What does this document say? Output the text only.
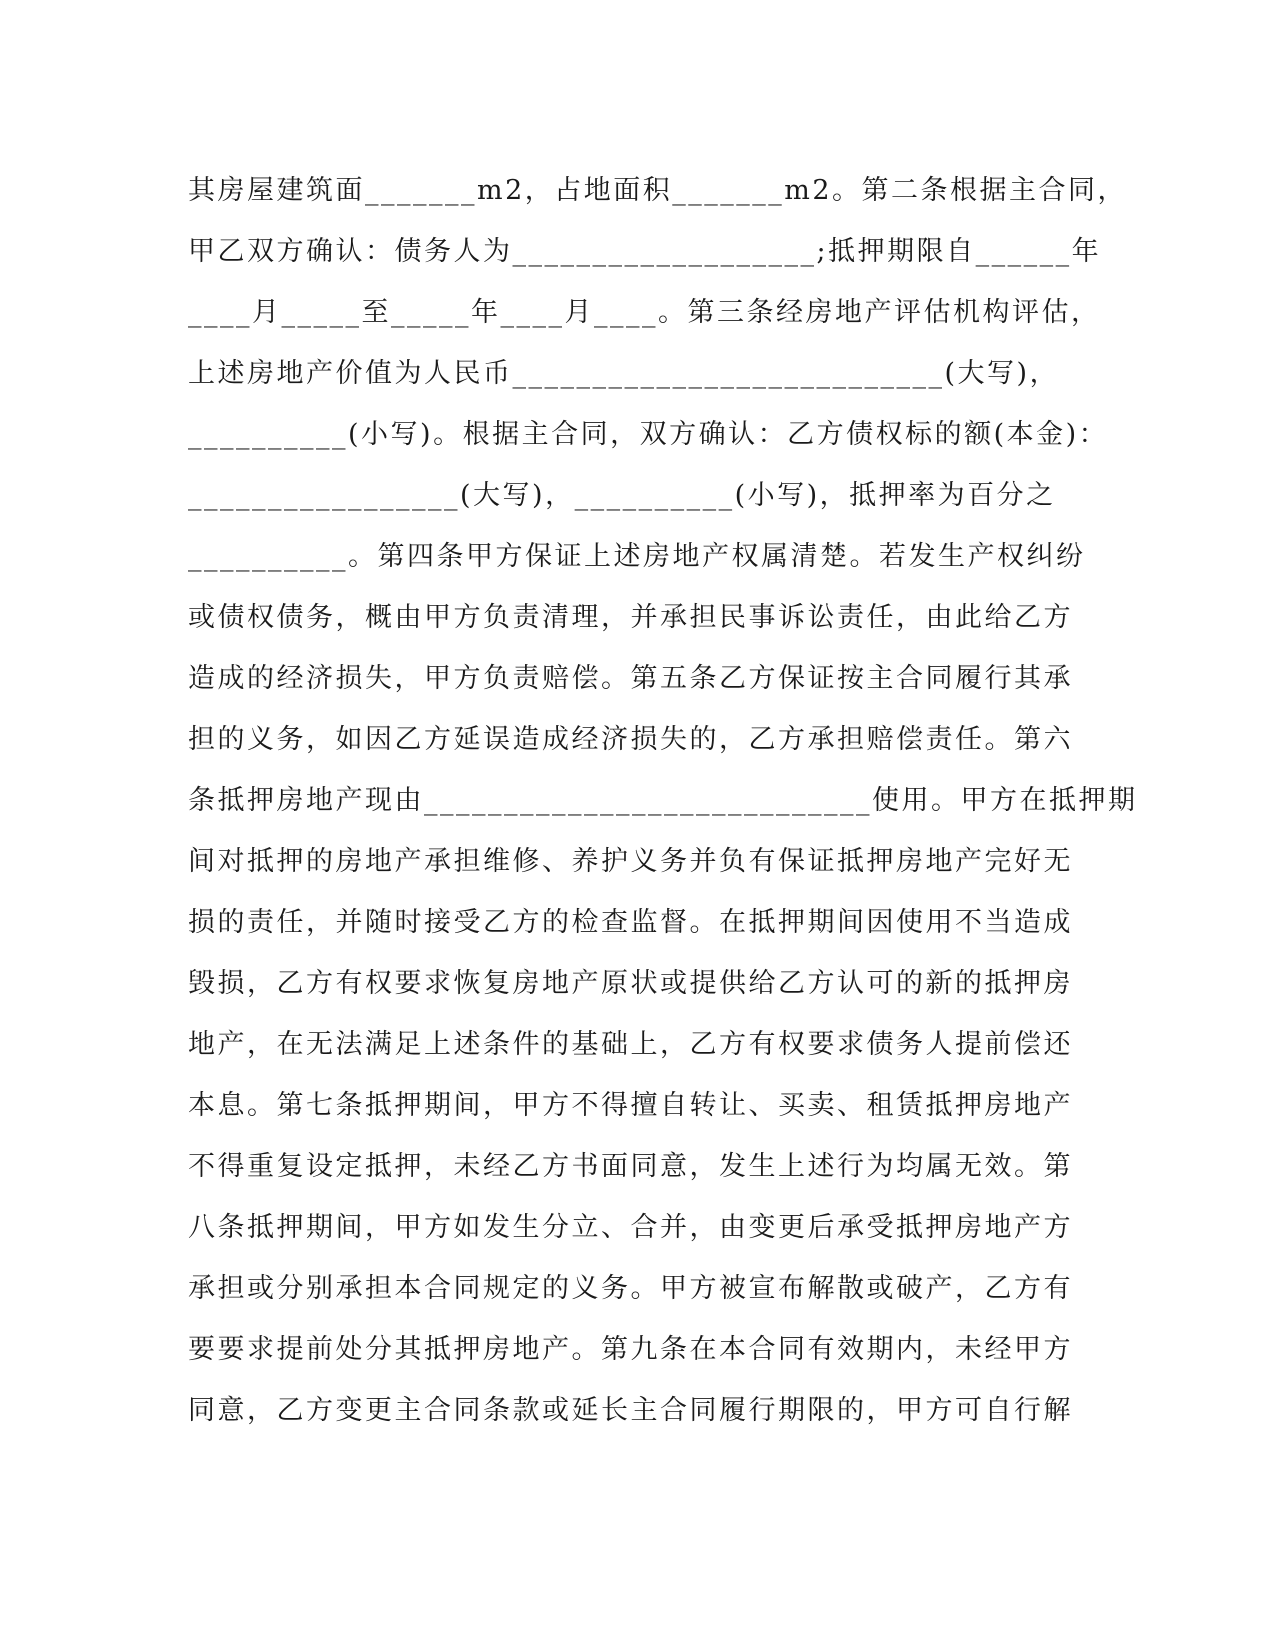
其房屋建筑面_______m2，占地面积_______m2。第二条根据主合同，
甲乙双方确认：债务人为___________________;抵押期限自______年
____月_____至_____年____月____。第三条经房地产评估机构评估，
上述房地产价值为人民币___________________________(大写)，
__________(小写)。根据主合同，双方确认：乙方债权标的额(本金)：
_________________(大写)，__________(小写)，抵押率为百分之
__________。第四条甲方保证上述房地产权属清楚。若发生产权纠纷
或债权债务，概由甲方负责清理，并承担民事诉讼责任，由此给乙方
造成的经济损失，甲方负责赔偿。第五条乙方保证按主合同履行其承
担的义务，如因乙方延误造成经济损失的，乙方承担赔偿责任。第六
条抵押房地产现由____________________________使用。甲方在抵押期
间对抵押的房地产承担维修、养护义务并负有保证抵押房地产完好无
损的责任，并随时接受乙方的检查监督。在抵押期间因使用不当造成
毁损，乙方有权要求恢复房地产原状或提供给乙方认可的新的抵押房
地产，在无法满足上述条件的基础上，乙方有权要求债务人提前偿还
本息。第七条抵押期间，甲方不得擅自转让、买卖、租赁抵押房地产
不得重复设定抵押，未经乙方书面同意，发生上述行为均属无效。第
八条抵押期间，甲方如发生分立、合并，由变更后承受抵押房地产方
承担或分别承担本合同规定的义务。甲方被宣布解散或破产，乙方有
要要求提前处分其抵押房地产。第九条在本合同有效期内，未经甲方
同意，乙方变更主合同条款或延长主合同履行期限的，甲方可自行解
